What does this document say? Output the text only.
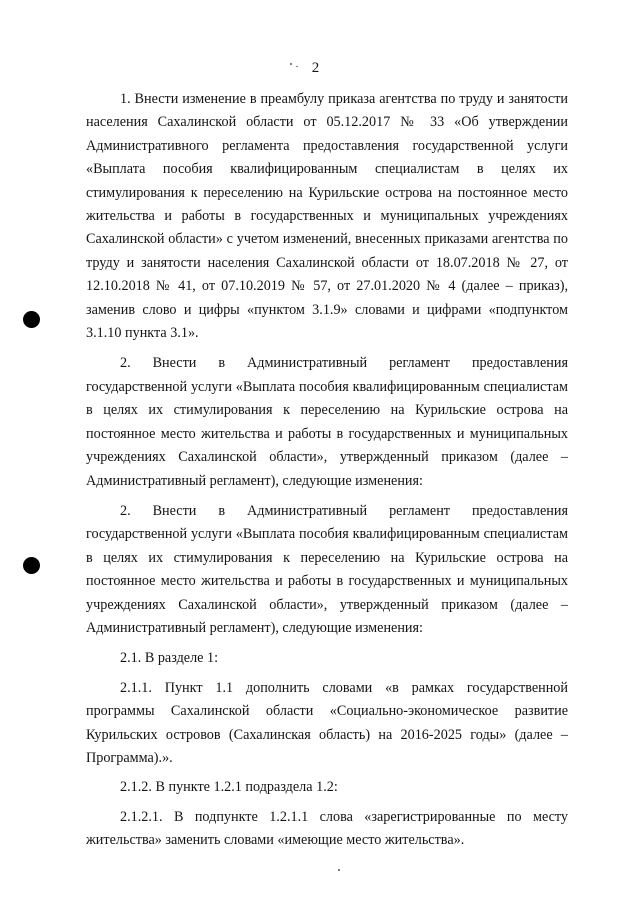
2

1. Внести изменение в преамбулу приказа агентства по труду и занятости населения Сахалинской области от 05.12.2017 № 33 «Об утверждении Административного регламента предоставления государственной услуги «Выплата пособия квалифицированным специалистам в целях их стимулирования к переселению на Курильские острова на постоянное место жительства и работы в государственных и муниципальных учреждениях Сахалинской области» с учетом изменений, внесенных приказами агентства по труду и занятости населения Сахалинской области от 18.07.2018 № 27, от 12.10.2018 № 41, от 07.10.2019 № 57, от 27.01.2020 № 4 (далее – приказ), заменив слово и цифры «пунктом 3.1.9» словами и цифрами «подпунктом 3.1.10 пункта 3.1».

2. Внести в Административный регламент предоставления государственной услуги «Выплата пособия квалифицированным специалистам в целях их стимулирования к переселению на Курильские острова на постоянное место жительства и работы в государственных и муниципальных учреждениях Сахалинской области», утвержденный приказом (далее – Административный регламент), следующие изменения:

2. Внести в Административный регламент предоставления государственной услуги «Выплата пособия квалифицированным специалистам в целях их стимулирования к переселению на Курильские острова на постоянное место жительства и работы в государственных и муниципальных учреждениях Сахалинской области», утвержденный приказом (далее – Административный регламент), следующие изменения:

2.1. В разделе 1:

2.1.1. Пункт 1.1 дополнить словами «в рамках государственной программы Сахалинской области «Социально-экономическое развитие Курильских островов (Сахалинская область) на 2016-2025 годы» (далее – Программа).».

2.1.2. В пункте 1.2.1 подраздела 1.2:

2.1.2.1. В подпункте 1.2.1.1 слова «зарегистрированные по месту жительства» заменить словами «имеющие место жительства».
